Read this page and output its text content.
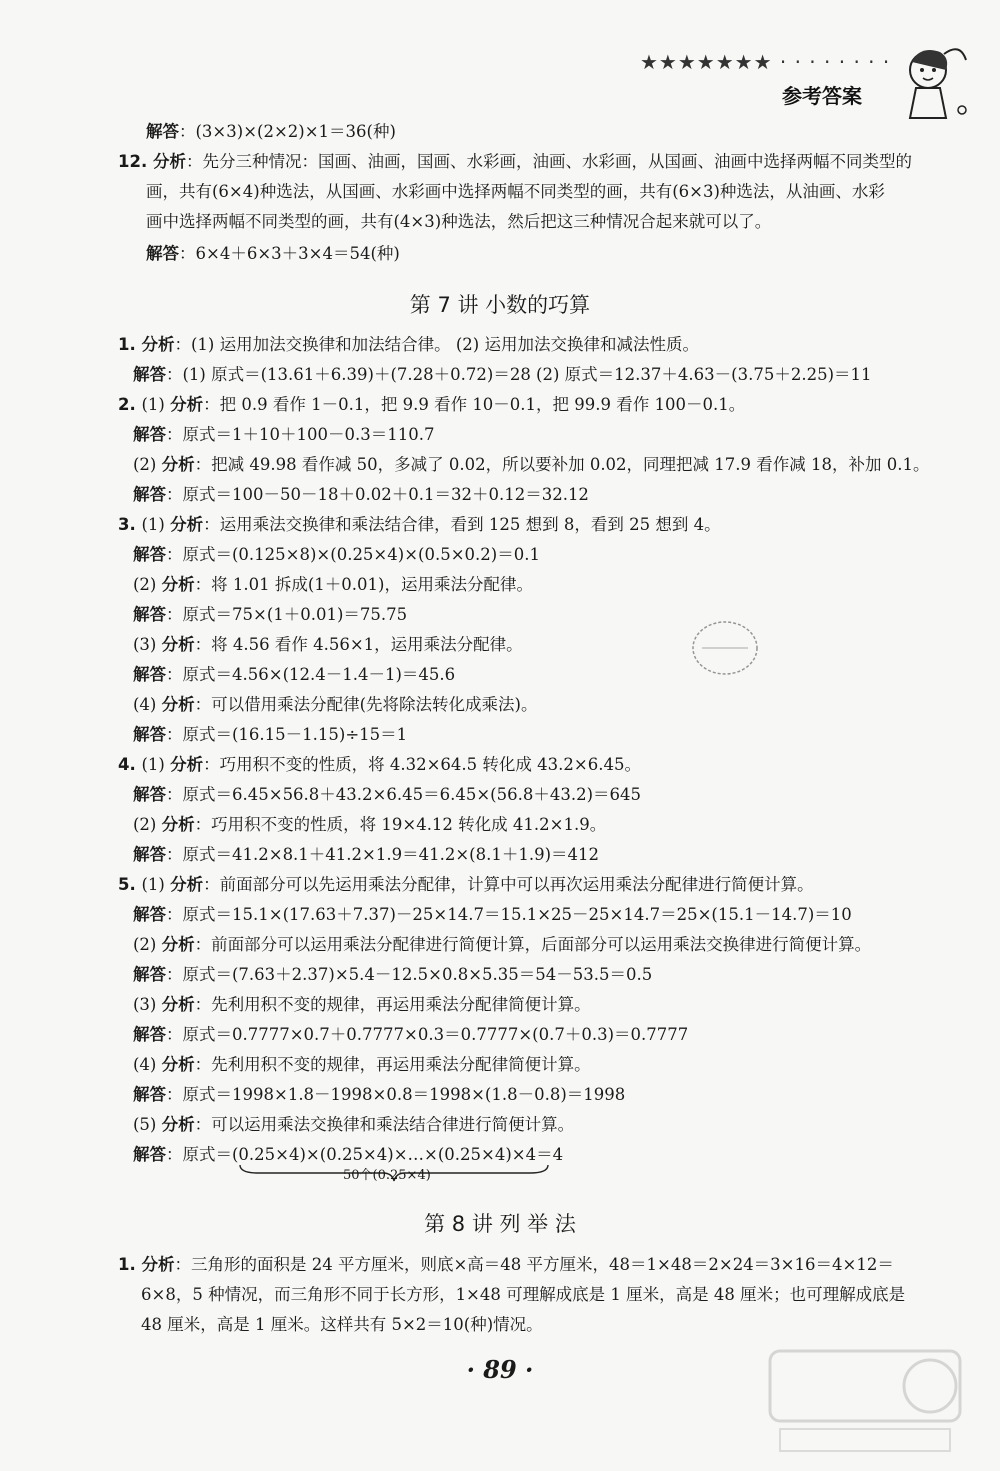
★★★★★★★ · · · · · · · ·
参考答案
解答：(3×3)×(2×2)×1＝36(种)
12. 分析：先分三种情况：国画、油画，国画、水彩画，油画、水彩画，从国画、油画中选择两幅不同类型的
画，共有(6×4)种选法，从国画、水彩画中选择两幅不同类型的画，共有(6×3)种选法，从油画、水彩
画中选择两幅不同类型的画，共有(4×3)种选法，然后把这三种情况合起来就可以了。
解答：6×4＋6×3＋3×4＝54(种)
1. 分析：(1) 运用加法交换律和加法结合律。 (2) 运用加法交换律和减法性质。
解答：(1) 原式＝(13.61＋6.39)＋(7.28＋0.72)＝28 (2) 原式＝12.37＋4.63－(3.75＋2.25)＝11
2. (1) 分析：把 0.9 看作 1－0.1，把 9.9 看作 10－0.1，把 99.9 看作 100－0.1。
解答：原式＝1＋10＋100－0.3＝110.7
(2) 分析：把减 49.98 看作减 50，多减了 0.02，所以要补加 0.02，同理把减 17.9 看作减 18，补加 0.1。
解答：原式＝100－50－18＋0.02＋0.1＝32＋0.12＝32.12
3. (1) 分析：运用乘法交换律和乘法结合律，看到 125 想到 8，看到 25 想到 4。
解答：原式＝(0.125×8)×(0.25×4)×(0.5×0.2)＝0.1
(2) 分析：将 1.01 拆成(1＋0.01)，运用乘法分配律。
解答：原式＝75×(1＋0.01)＝75.75
(3) 分析：将 4.56 看作 4.56×1，运用乘法分配律。
解答：原式＝4.56×(12.4－1.4－1)＝45.6
(4) 分析：可以借用乘法分配律(先将除法转化成乘法)。
解答：原式＝(16.15－1.15)÷15＝1
4. (1) 分析：巧用积不变的性质，将 4.32×64.5 转化成 43.2×6.45。
解答：原式＝6.45×56.8＋43.2×6.45＝6.45×(56.8＋43.2)＝645
(2) 分析：巧用积不变的性质，将 19×4.12 转化成 41.2×1.9。
解答：原式＝41.2×8.1＋41.2×1.9＝41.2×(8.1＋1.9)＝412
5. (1) 分析：前面部分可以先运用乘法分配律，计算中可以再次运用乘法分配律进行简便计算。
解答：原式＝15.1×(17.63＋7.37)－25×14.7＝15.1×25－25×14.7＝25×(15.1－14.7)＝10
(2) 分析：前面部分可以运用乘法分配律进行简便计算，后面部分可以运用乘法交换律进行简便计算。
解答：原式＝(7.63＋2.37)×5.4－12.5×0.8×5.35＝54－53.5＝0.5
(3) 分析：先利用积不变的规律，再运用乘法分配律简便计算。
解答：原式＝0.7777×0.7＋0.7777×0.3＝0.7777×(0.7＋0.3)＝0.7777
(4) 分析：先利用积不变的规律，再运用乘法分配律简便计算。
解答：原式＝1998×1.8－1998×0.8＝1998×(1.8－0.8)＝1998
(5) 分析：可以运用乘法交换律和乘法结合律进行简便计算。
解答：原式＝(0.25×4)×(0.25×4)×…×(0.25×4)×4＝4
1. 分析：三角形的面积是 24 平方厘米，则底×高＝48 平方厘米，48＝1×48＝2×24＝3×16＝4×12＝
6×8，5 种情况，而三角形不同于长方形，1×48 可理解成底是 1 厘米，高是 48 厘米；也可理解成底是
48 厘米，高是 1 厘米。这样共有 5×2＝10(种)情况。
第 7 讲 小数的巧算
第 8 讲 列 举 法
50个(0.25×4)
· 89 ·
